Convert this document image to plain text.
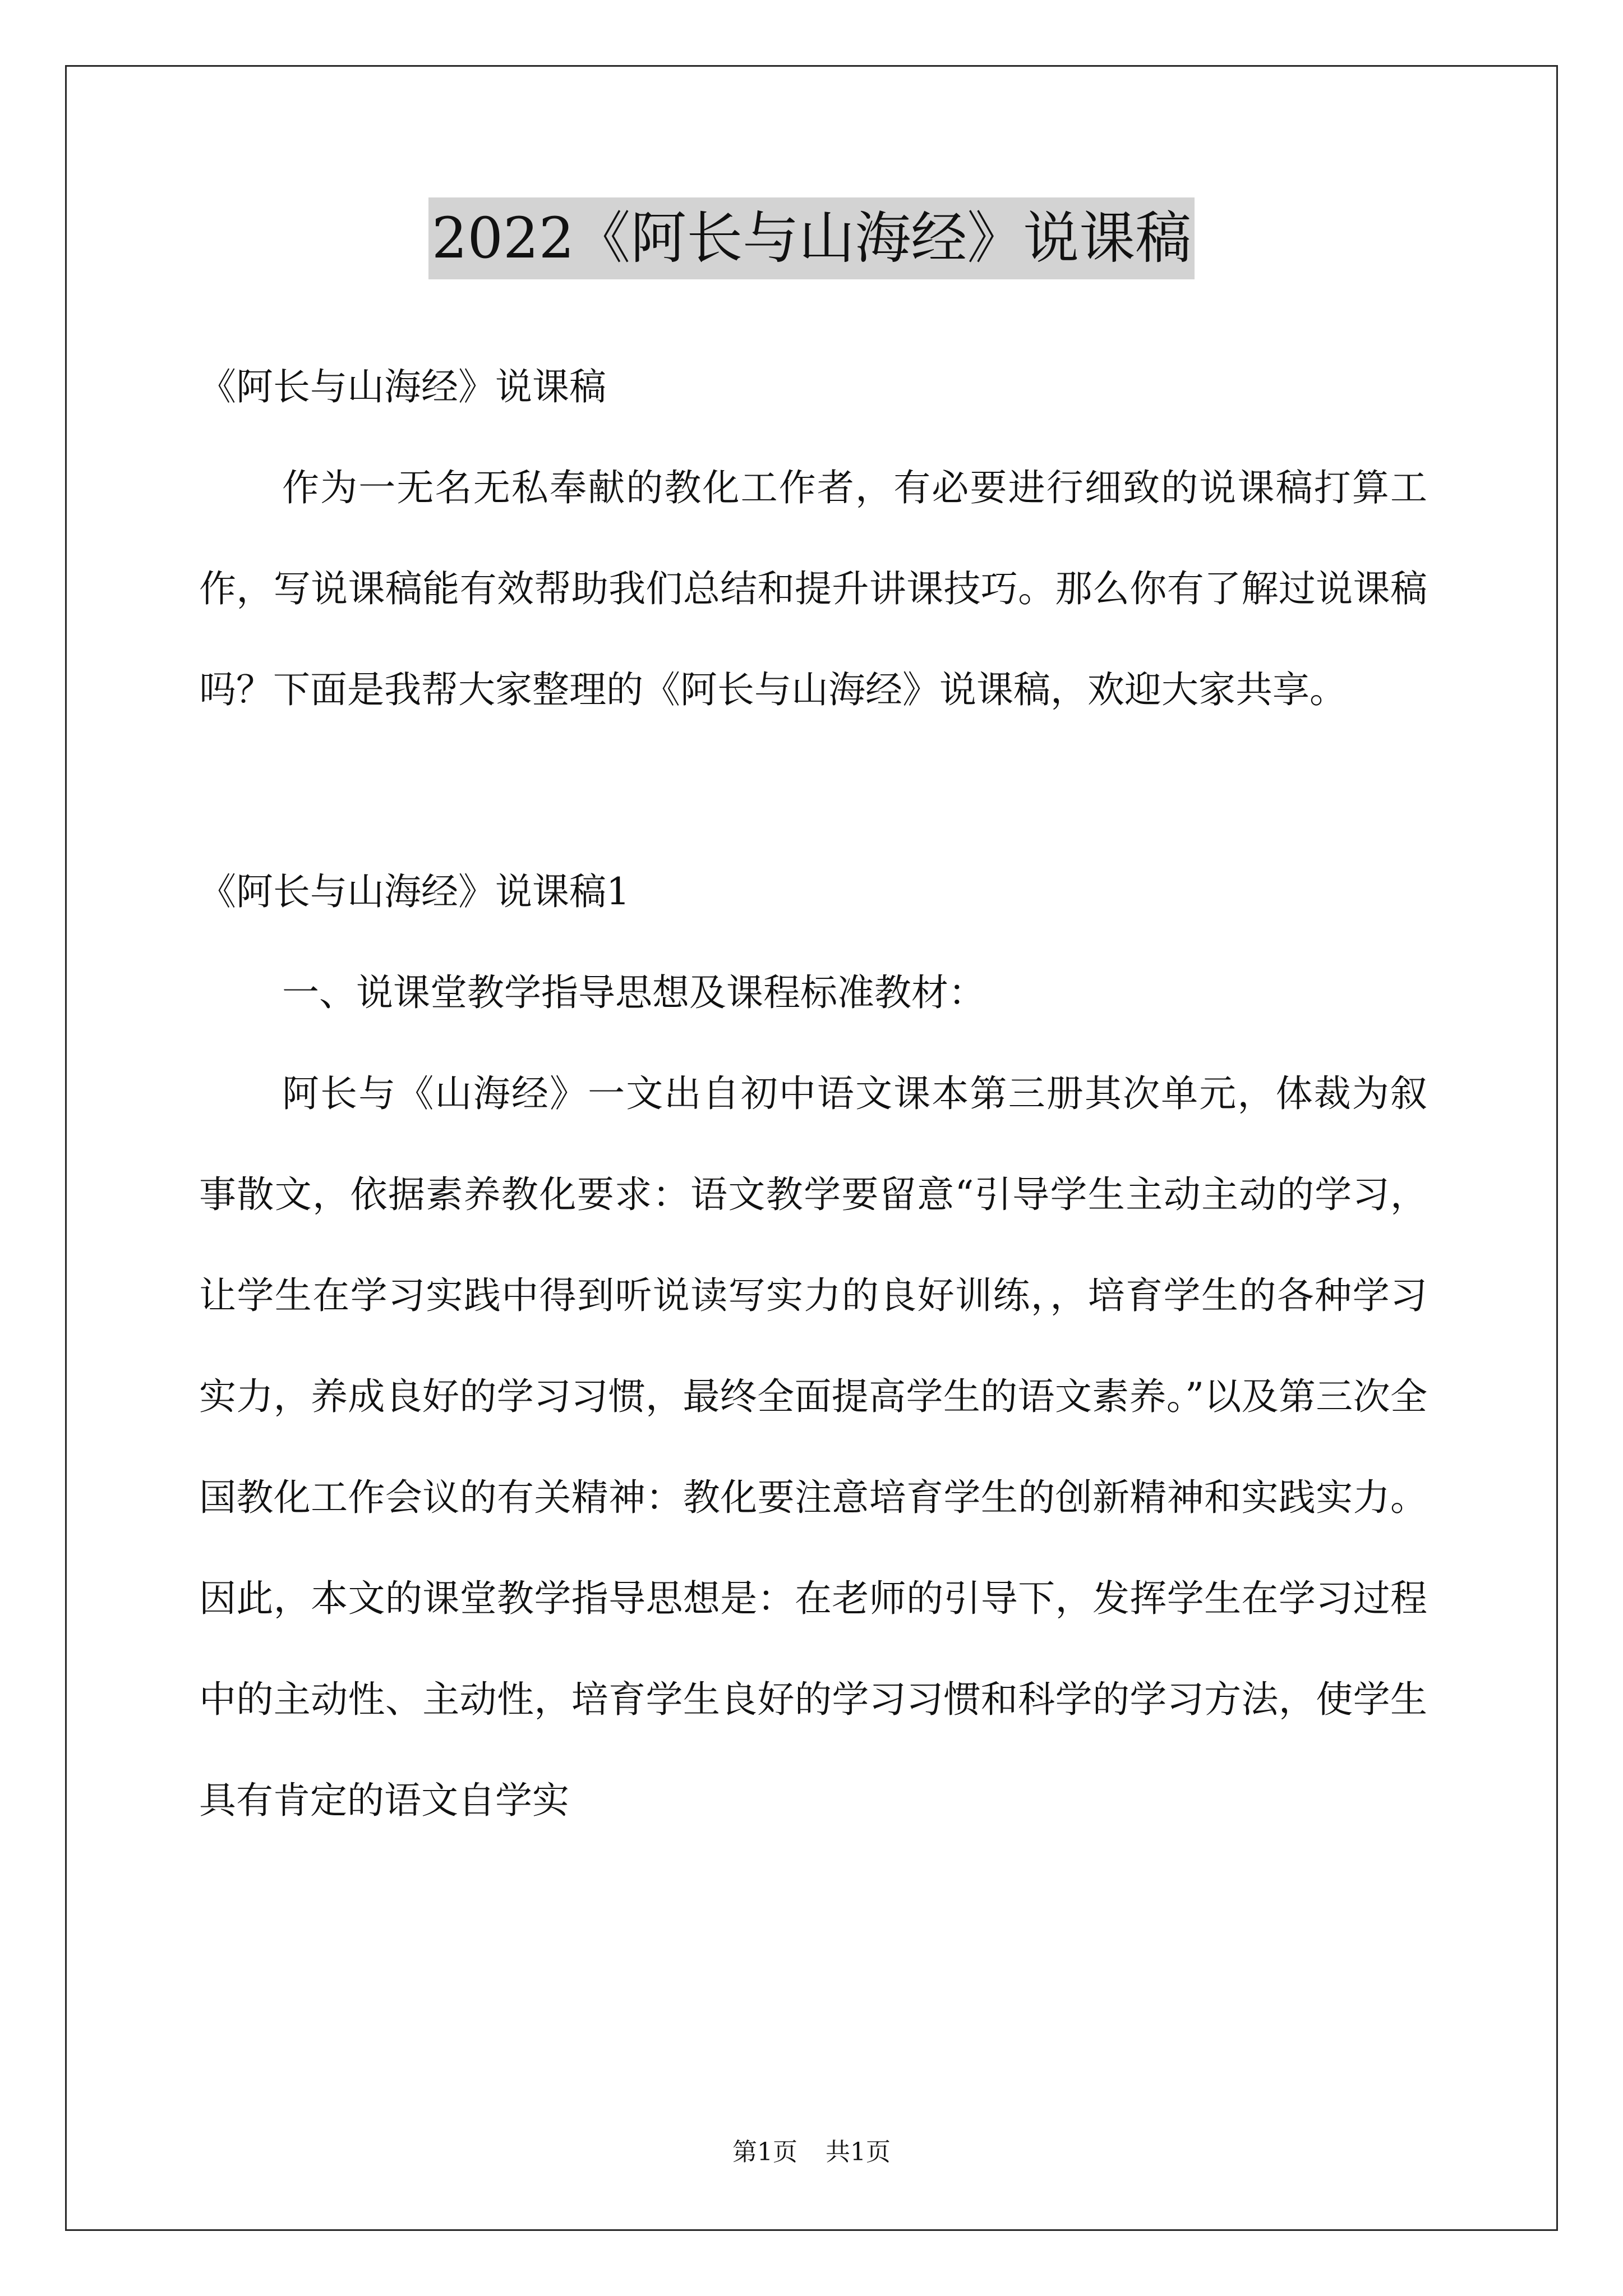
2022《阿长与山海经》说课稿

《阿长与山海经》说课稿

作为一无名无私奉献的教化工作者，有必要进行细致的说课稿打算工作，写说课稿能有效帮助我们总结和提升讲课技巧。那么你有了解过说课稿吗？下面是我帮大家整理的《阿长与山海经》说课稿，欢迎大家共享。

《阿长与山海经》说课稿1

一、说课堂教学指导思想及课程标准教材：

阿长与《山海经》一文出自初中语文课本第三册其次单元，体裁为叙事散文，依据素养教化要求：语文教学要留意“引导学生主动主动的学习，让学生在学习实践中得到听说读写实力的良好训练，，培育学生的各种学习实力，养成良好的学习习惯，最终全面提高学生的语文素养。”以及第三次全国教化工作会议的有关精神：教化要注意培育学生的创新精神和实践实力。因此，本文的课堂教学指导思想是：在老师的引导下，发挥学生在学习过程中的主动性、主动性，培育学生良好的学习习惯和科学的学习方法，使学生具有肯定的语文自学实

第1页 共1页
